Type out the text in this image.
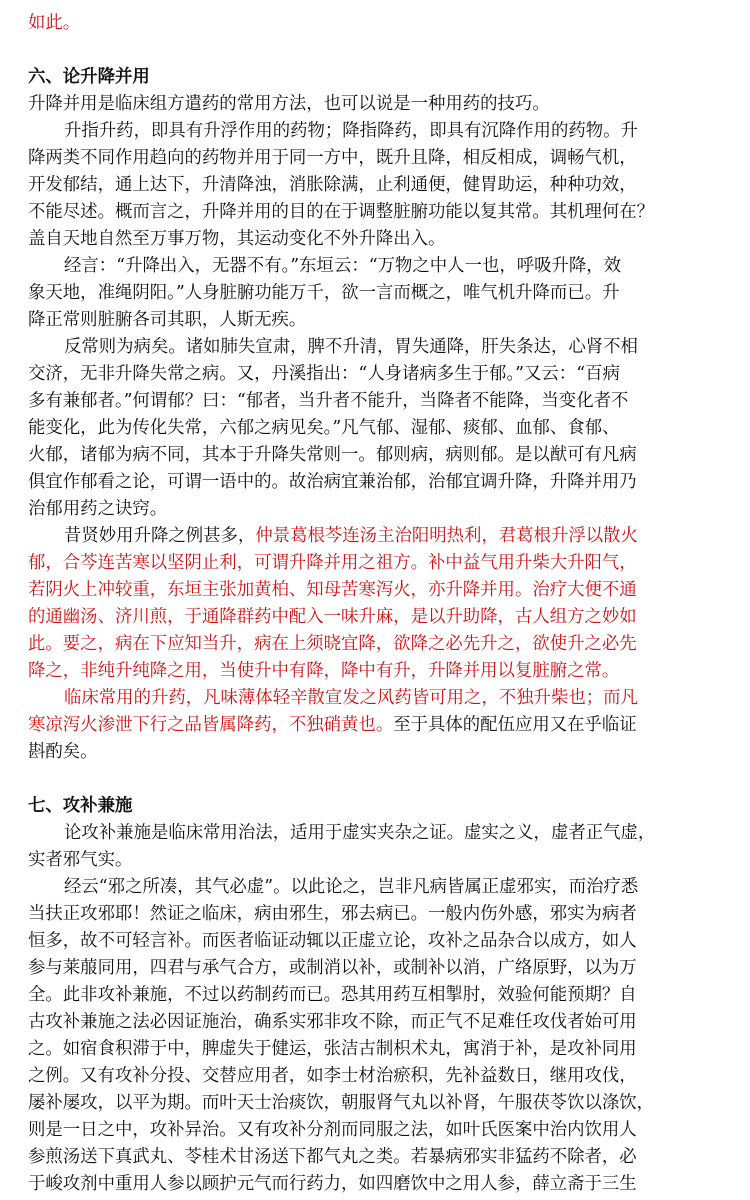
如此。
六、论升降并用
升降并用是临床组方遣药的常用方法，也可以说是一种用药的技巧。
升指升药，即具有升浮作用的药物；降指降药，即具有沉降作用的药物。升
降两类不同作用趋向的药物并用于同一方中，既升且降，相反相成，调畅气机，
开发郁结，通上达下，升清降浊，消胀除满，止利通便，健胃助运，种种功效，
不能尽述。概而言之，升降并用的目的在于调整脏腑功能以复其常。其机理何在？
盖自天地自然至万事万物，其运动变化不外升降出入。
经言：“升降出入，无器不有。”东垣云：“万物之中人一也，呼吸升降，效
象天地，准绳阴阳。”人身脏腑功能万千，欲一言而概之，唯气机升降而已。升
降正常则脏腑各司其职，人斯无疾。
反常则为病矣。诸如肺失宣肃，脾不升清，胃失通降，肝失条达，心肾不相
交济，无非升降失常之病。又，丹溪指出：“人身诸病多生于郁。”又云：“百病
多有兼郁者。”何谓郁？曰：“郁者，当升者不能升，当降者不能降，当变化者不
能变化，此为传化失常，六郁之病见矣。”凡气郁、湿郁、痰郁、血郁、食郁、
火郁，诸郁为病不同，其本于升降失常则一。郁则病，病则郁。是以猷可有凡病
俱宜作郁看之论，可谓一语中的。故治病宜兼治郁，治郁宜调升降，升降并用乃
治郁用药之诀窍。
昔贤妙用升降之例甚多，仲景葛根芩连汤主治阳明热利，君葛根升浮以散火
郁，合芩连苦寒以坚阴止利，可谓升降并用之祖方。补中益气用升柴大升阳气，
若阴火上冲较重，东垣主张加黄柏、知母苦寒泻火，亦升降并用。治疗大便不通
的通幽汤、济川煎，于通降群药中配入一味升麻，是以升助降，古人组方之妙如
此。要之，病在下应知当升，病在上须晓宜降，欲降之必先升之，欲使升之必先
降之，非纯升纯降之用，当使升中有降，降中有升，升降并用以复脏腑之常。
临床常用的升药，凡味薄体轻辛散宣发之风药皆可用之，不独升柴也；而凡
寒凉泻火渗泄下行之品皆属降药，不独硝黄也。至于具体的配伍应用又在乎临证
斟酌矣。
七、攻补兼施
论攻补兼施是临床常用治法，适用于虚实夹杂之证。虚实之义，虚者正气虚，
实者邪气实。
经云“邪之所凑，其气必虚”。以此论之，岂非凡病皆属正虚邪实，而治疗悉
当扶正攻邪耶！然证之临床，病由邪生，邪去病已。一般内伤外感，邪实为病者
恒多，故不可轻言补。而医者临证动辄以正虚立论，攻补之品杂合以成方，如人
参与莱菔同用，四君与承气合方，或制消以补，或制补以消，广络原野，以为万
全。此非攻补兼施，不过以药制药而已。恐其用药互相掣肘，效验何能预期？自
古攻补兼施之法必因证施治，确系实邪非攻不除，而正气不足难任攻伐者始可用
之。如宿食积滞于中，脾虚失于健运，张洁古制枳术丸，寓消于补，是攻补同用
之例。又有攻补分投、交替应用者，如李士材治瘀积，先补益数日，继用攻伐，
屡补屡攻，以平为期。而叶天士治痰饮，朝服肾气丸以补肾，午服茯苓饮以涤饮，
则是一日之中，攻补异治。又有攻补分剂而同服之法，如叶氏医案中治内饮用人
参煎汤送下真武丸、苓桂术甘汤送下都气丸之类。若暴病邪实非猛药不除者，必
于峻攻剂中重用人参以顾护元气而行药力，如四磨饮中之用人参，薛立斋于三生
